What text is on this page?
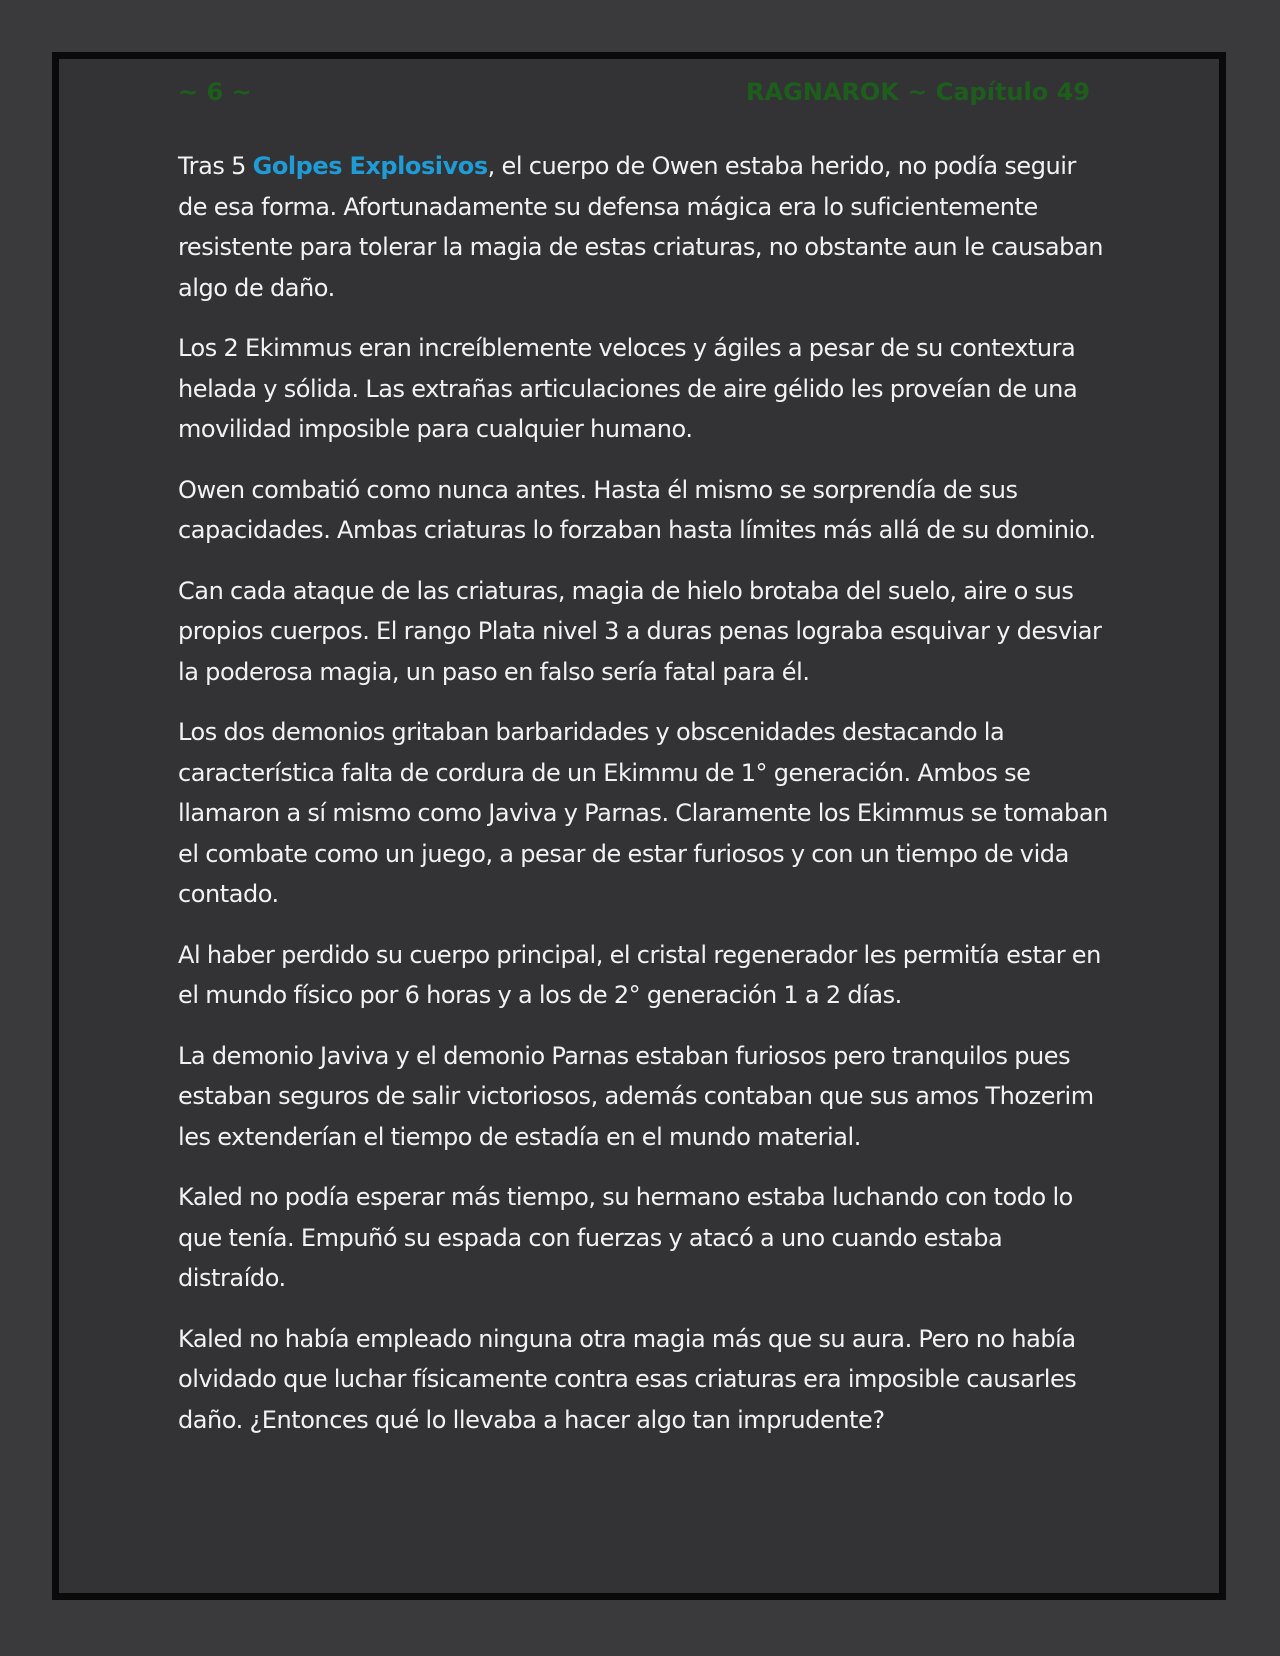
~ 6 ~	RAGNAROK ~ Capítulo 49

Tras 5 Golpes Explosivos, el cuerpo de Owen estaba herido, no podía seguir de esa forma. Afortunadamente su defensa mágica era lo suficientemente resistente para tolerar la magia de estas criaturas, no obstante aun le causaban algo de daño.

Los 2 Ekimmus eran increíblemente veloces y ágiles a pesar de su contextura helada y sólida. Las extrañas articulaciones de aire gélido les proveían de una movilidad imposible para cualquier humano.

Owen combatió como nunca antes. Hasta él mismo se sorprendía de sus capacidades. Ambas criaturas lo forzaban hasta límites más allá de su dominio.

Can cada ataque de las criaturas, magia de hielo brotaba del suelo, aire o sus propios cuerpos. El rango Plata nivel 3 a duras penas lograba esquivar y desviar la poderosa magia, un paso en falso sería fatal para él.

Los dos demonios gritaban barbaridades y obscenidades destacando la característica falta de cordura de un Ekimmu de 1° generación. Ambos se llamaron a sí mismo como Javiva y Parnas. Claramente los Ekimmus se tomaban el combate como un juego, a pesar de estar furiosos y con un tiempo de vida contado.

Al haber perdido su cuerpo principal, el cristal regenerador les permitía estar en el mundo físico por 6 horas y a los de 2° generación 1 a 2 días.

La demonio Javiva y el demonio Parnas estaban furiosos pero tranquilos pues estaban seguros de salir victoriosos, además contaban que sus amos Thozerim les extenderían el tiempo de estadía en el mundo material.

Kaled no podía esperar más tiempo, su hermano estaba luchando con todo lo que tenía. Empuñó su espada con fuerzas y atacó a uno cuando estaba distraído.

Kaled no había empleado ninguna otra magia más que su aura. Pero no había olvidado que luchar físicamente contra esas criaturas era imposible causarles daño. ¿Entonces qué lo llevaba a hacer algo tan imprudente?
